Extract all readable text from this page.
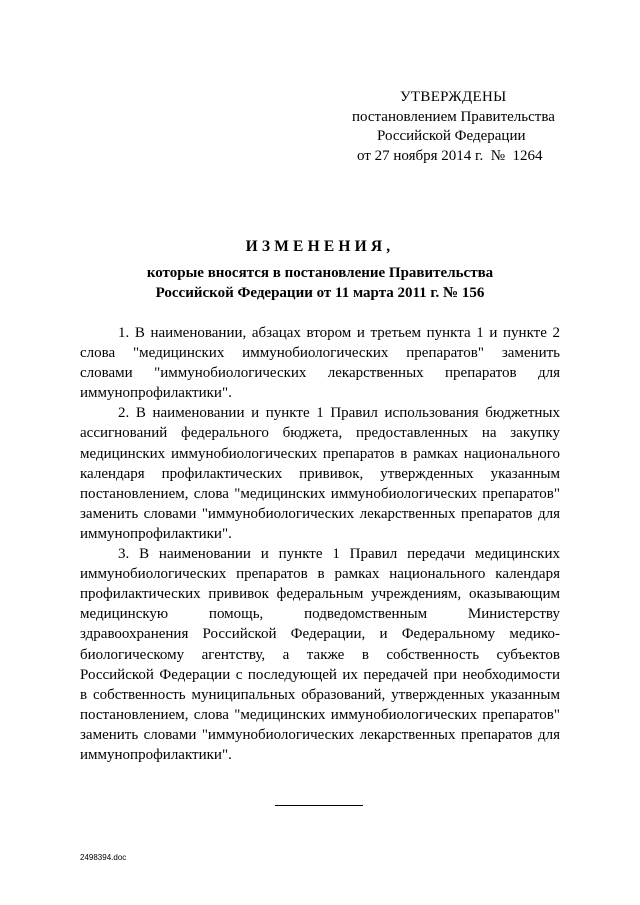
УТВЕРЖДЕНЫ
постановлением Правительства
Российской Федерации
от 27 ноября 2014 г.  №  1264
ИЗМЕНЕНИЯ,
которые вносятся в постановление Правительства
Российской Федерации от 11 марта 2011 г. № 156

1. В наименовании, абзацах втором и третьем пункта 1 и пункте 2 слова "медицинских иммунобиологических препаратов" заменить словами "иммунобиологических лекарственных препаратов для иммунопрофилактики".

2. В наименовании и пункте 1 Правил использования бюджетных ассигнований федерального бюджета, предоставленных на закупку медицинских иммунобиологических препаратов в рамках национального календаря профилактических прививок, утвержденных указанным постановлением, слова "медицинских иммунобиологических препаратов" заменить словами "иммунобиологических лекарственных препаратов для иммунопрофилактики".

3. В наименовании и пункте 1 Правил передачи медицинских иммунобиологических препаратов в рамках национального календаря профилактических прививок федеральным учреждениям, оказывающим медицинскую помощь, подведомственным Министерству здравоохранения Российской Федерации, и Федеральному медико-биологическому агентству, а также в собственность субъектов Российской Федерации с последующей их передачей при необходимости в собственность муниципальных образований, утвержденных указанным постановлением, слова "медицинских иммунобиологических препаратов" заменить словами "иммунобиологических лекарственных препаратов для иммунопрофилактики".

2498394.doc
